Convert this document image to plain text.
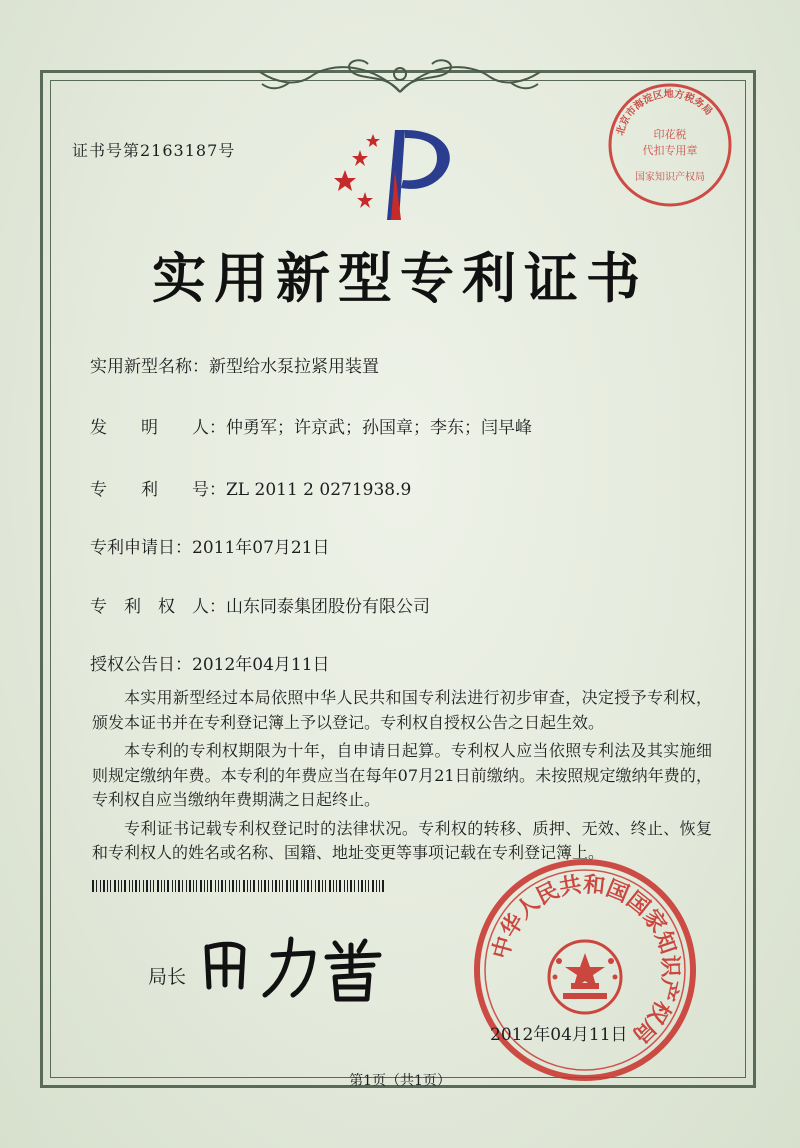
证书号第2163187号
实用新型专利证书
实用新型名称：新型给水泵拉紧用装置
发　　明　　人：仲勇军；许京武；孙国章；李东；闫早峰
专　　利　　号：ZL 2011 2 0271938.9
专利申请日：2011年07月21日
专　利　权　人：山东同泰集团股份有限公司
授权公告日：2012年04月11日

本实用新型经过本局依照中华人民共和国专利法进行初步审查，决定授予专利权，颁发本证书并在专利登记簿上予以登记。专利权自授权公告之日起生效。

本专利的专利权期限为十年，自申请日起算。专利权人应当依照专利法及其实施细则规定缴纳年费。本专利的年费应当在每年07月21日前缴纳。未按照规定缴纳年费的，专利权自应当缴纳年费期满之日起终止。

专利证书记载专利权登记时的法律状况。专利权的转移、质押、无效、终止、恢复和专利权人的姓名或名称、国籍、地址变更等事项记载在专利登记簿上。

局长
中华人民共和国国家知识产权局
2012年04月11日
北京市海淀区地方税务局
印花税
代扣专用章
国家知识产权局
第1页（共1页）
